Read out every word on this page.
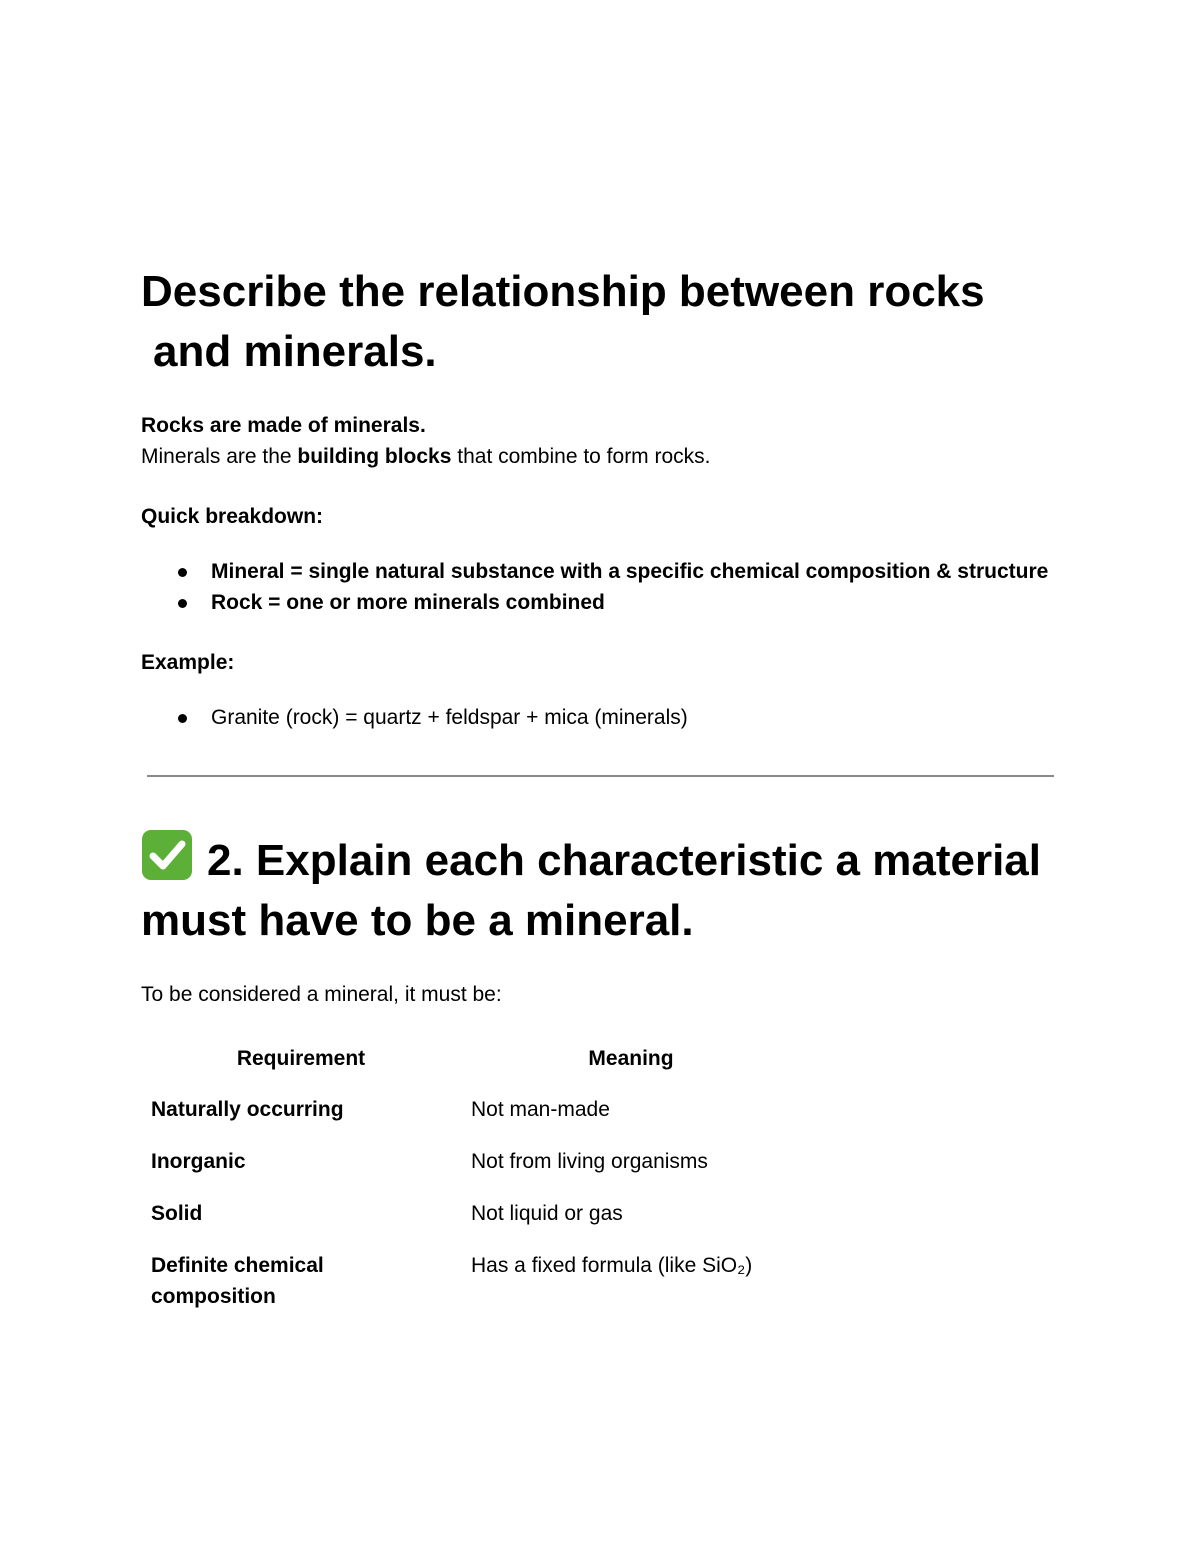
Describe the relationship between rocks and minerals.

Rocks are made of minerals.

Minerals are the building blocks that combine to form rocks.

Quick breakdown:

Mineral = single natural substance with a specific chemical composition & structure
Rock = one or more minerals combined

Example:

Granite (rock) = quartz + feldspar + mica (minerals)
2. Explain each characteristic a material must have to be a mineral.

To be considered a mineral, it must be:

Requirement	Meaning
Naturally occurring	Not man-made
Inorganic	Not from living organisms
Solid	Not liquid or gas
Definite chemical composition	Has a fixed formula (like SiO₂)
